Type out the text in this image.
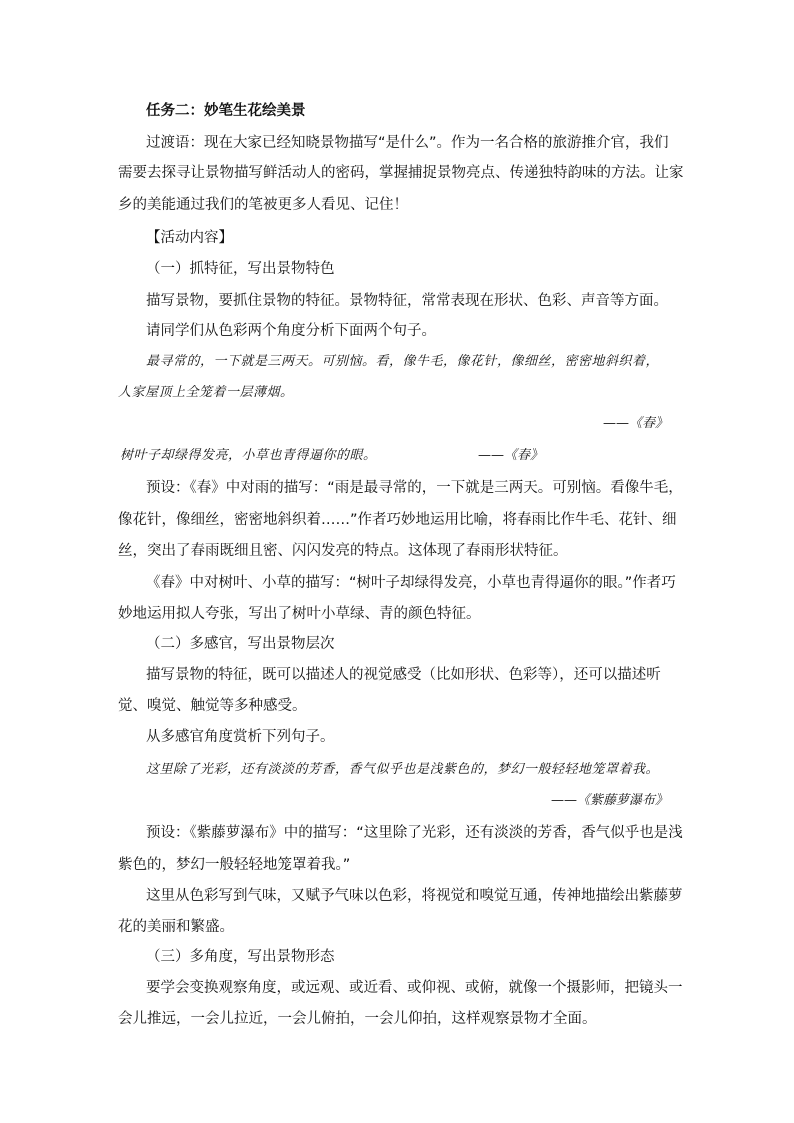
任务二：妙笔生花绘美景
过渡语：现在大家已经知晓景物描写“是什么”。作为一名合格的旅游推介官，我们
需要去探寻让景物描写鲜活动人的密码，掌握捕捉景物亮点、传递独特韵味的方法。让家
乡的美能通过我们的笔被更多人看见、记住！
【活动内容】
（一）抓特征，写出景物特色
描写景物，要抓住景物的特征。景物特征，常常表现在形状、色彩、声音等方面。
请同学们从色彩两个角度分析下面两个句子。
最寻常的，一下就是三两天。可别恼。看，像牛毛，像花针，像细丝，密密地斜织着，
人家屋顶上全笼着一层薄烟。
——《春》
树叶子却绿得发亮，小草也青得逼你的眼。	——《春》
预设：《春》中对雨的描写：“雨是最寻常的，一下就是三两天。可别恼。看像牛毛，
像花针，像细丝，密密地斜织着……”作者巧妙地运用比喻，将春雨比作牛毛、花针、细
丝，突出了春雨既细且密、闪闪发亮的特点。这体现了春雨形状特征。
《春》中对树叶、小草的描写：“树叶子却绿得发亮，小草也青得逼你的眼。”作者巧
妙地运用拟人夸张，写出了树叶小草绿、青的颜色特征。
（二）多感官，写出景物层次
描写景物的特征，既可以描述人的视觉感受（比如形状、色彩等），还可以描述听
觉、嗅觉、触觉等多种感受。
从多感官角度赏析下列句子。
这里除了光彩，还有淡淡的芳香，香气似乎也是浅紫色的，梦幻一般轻轻地笼罩着我。
——《紫藤萝瀑布》
预设：《紫藤萝瀑布》中的描写：“这里除了光彩，还有淡淡的芳香，香气似乎也是浅
紫色的，梦幻一般轻轻地笼罩着我。”
这里从色彩写到气味，又赋予气味以色彩，将视觉和嗅觉互通，传神地描绘出紫藤萝
花的美丽和繁盛。
（三）多角度，写出景物形态
要学会变换观察角度，或远观、或近看、或仰视、或俯，就像一个摄影师，把镜头一
会儿推远，一会儿拉近，一会儿俯拍，一会儿仰拍，这样观察景物才全面。
